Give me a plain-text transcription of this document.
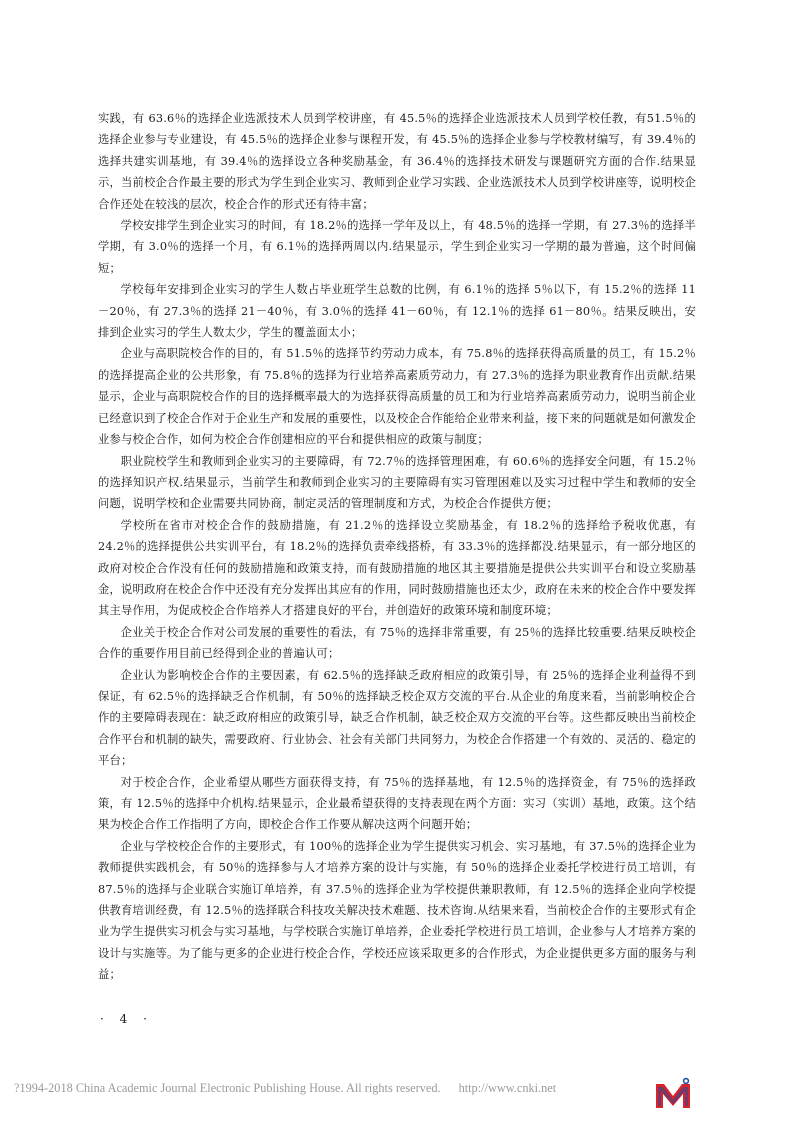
实践，有 63.6％的选择企业选派技术人员到学校讲座，有 45.5％的选择企业选派技术人员到学校任教，有51.5％的选择企业参与专业建设，有 45.5％的选择企业参与课程开发，有 45.5％的选择企业参与学校教材编写，有 39.4％的选择共建实训基地，有 39.4％的选择设立各种奖励基金，有 36.4％的选择技术研发与课题研究方面的合作.结果显示，当前校企合作最主要的形式为学生到企业实习、教师到企业学习实践、企业选派技术人员到学校讲座等，说明校企合作还处在较浅的层次，校企合作的形式还有待丰富；

学校安排学生到企业实习的时间，有 18.2％的选择一学年及以上，有 48.5％的选择一学期，有 27.3％的选择半学期，有 3.0％的选择一个月，有 6.1％的选择两周以内.结果显示，学生到企业实习一学期的最为普遍，这个时间偏短；

学校每年安排到企业实习的学生人数占毕业班学生总数的比例，有 6.1％的选择 5％以下，有 15.2％的选择 11－20％，有 27.3％的选择 21－40％，有 3.0％的选择 41－60％，有 12.1％的选择 61－80％。结果反映出，安排到企业实习的学生人数太少，学生的覆盖面太小；

企业与高职院校合作的目的，有 51.5％的选择节约劳动力成本，有 75.8％的选择获得高质量的员工，有 15.2％的选择提高企业的公共形象，有 75.8％的选择为行业培养高素质劳动力，有 27.3％的选择为职业教育作出贡献.结果显示，企业与高职院校合作的目的选择概率最大的为选择获得高质量的员工和为行业培养高素质劳动力，说明当前企业已经意识到了校企合作对于企业生产和发展的重要性，以及校企合作能给企业带来利益，接下来的问题就是如何激发企业参与校企合作，如何为校企合作创建相应的平台和提供相应的政策与制度；

职业院校学生和教师到企业实习的主要障碍，有 72.7％的选择管理困难，有 60.6％的选择安全问题，有 15.2％的选择知识产权.结果显示，当前学生和教师到企业实习的主要障碍有实习管理困难以及实习过程中学生和教师的安全问题，说明学校和企业需要共同协商，制定灵活的管理制度和方式，为校企合作提供方便；

学校所在省市对校企合作的鼓励措施，有 21.2％的选择设立奖励基金，有 18.2％的选择给予税收优惠，有 24.2％的选择提供公共实训平台，有 18.2％的选择负责牵线搭桥，有 33.3％的选择都没.结果显示，有一部分地区的政府对校企合作没有任何的鼓励措施和政策支持，而有鼓励措施的地区其主要措施是提供公共实训平台和设立奖励基金，说明政府在校企合作中还没有充分发挥出其应有的作用，同时鼓励措施也还太少，政府在未来的校企合作中要发挥其主导作用，为促成校企合作培养人才搭建良好的平台，并创造好的政策环境和制度环境；

企业关于校企合作对公司发展的重要性的看法，有 75％的选择非常重要，有 25％的选择比较重要.结果反映校企合作的重要作用目前已经得到企业的普遍认可；

企业认为影响校企合作的主要因素，有 62.5％的选择缺乏政府相应的政策引导，有 25％的选择企业利益得不到保证，有 62.5％的选择缺乏合作机制，有 50％的选择缺乏校企双方交流的平台.从企业的角度来看，当前影响校企合作的主要障碍表现在：缺乏政府相应的政策引导，缺乏合作机制，缺乏校企双方交流的平台等。这些都反映出当前校企合作平台和机制的缺失，需要政府、行业协会、社会有关部门共同努力，为校企合作搭建一个有效的、灵活的、稳定的平台；

对于校企合作，企业希望从哪些方面获得支持，有 75％的选择基地，有 12.5％的选择资金，有 75％的选择政策，有 12.5％的选择中介机构.结果显示，企业最希望获得的支持表现在两个方面：实习（实训）基地，政策。这个结果为校企合作工作指明了方向，即校企合作工作要从解决这两个问题开始；

企业与学校校企合作的主要形式，有 100％的选择企业为学生提供实习机会、实习基地，有 37.5％的选择企业为教师提供实践机会，有 50％的选择参与人才培养方案的设计与实施，有 50％的选择企业委托学校进行员工培训，有 87.5％的选择与企业联合实施订单培养，有 37.5％的选择企业为学校提供兼职教师，有 12.5％的选择企业向学校提供教育培训经费，有 12.5％的选择联合科技攻关解决技术难题、技术咨询.从结果来看，当前校企合作的主要形式有企业为学生提供实习机会与实习基地，与学校联合实施订单培养，企业委托学校进行员工培训，企业参与人才培养方案的设计与实施等。为了能与更多的企业进行校企合作，学校还应该采取更多的合作形式，为企业提供更多方面的服务与利益；

· 4 ·

?1994-2018 China Academic Journal Electronic Publishing House. All rights reserved. http://www.cnki.net
